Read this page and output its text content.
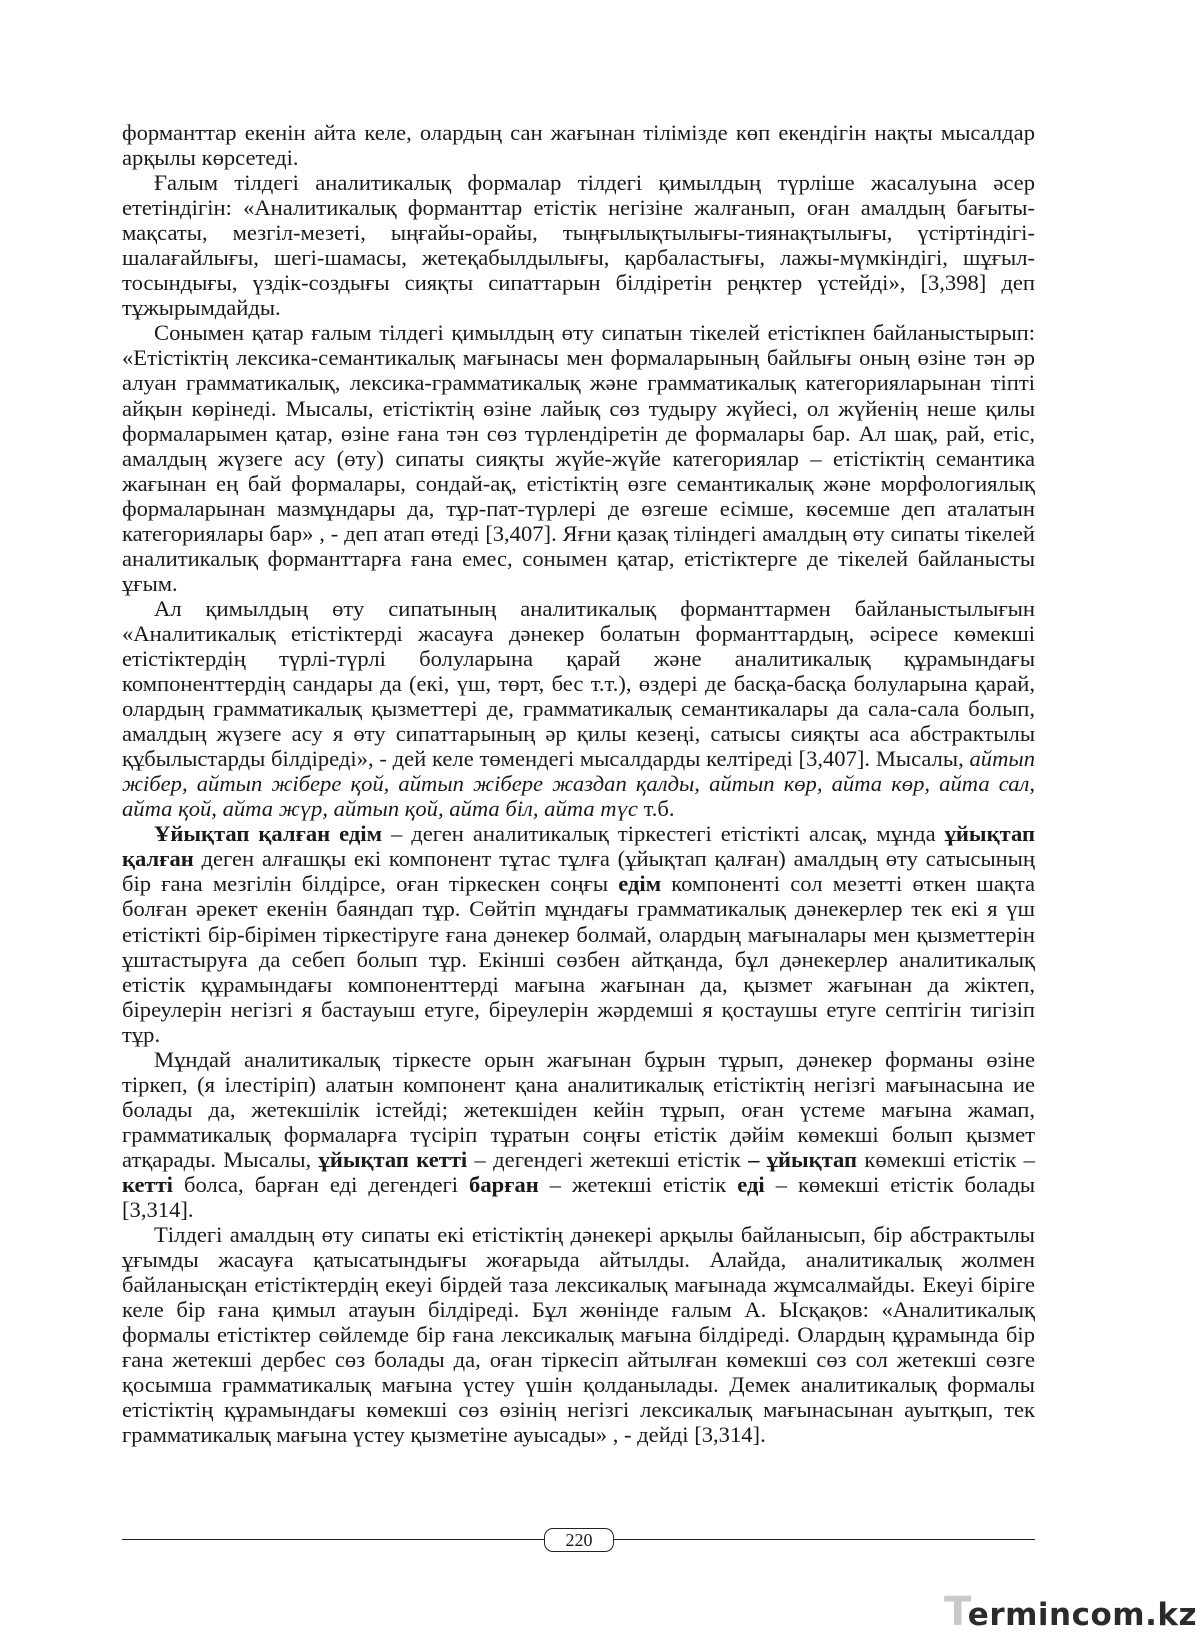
форманттар екенін айта келе, олардың сан жағынан тілімізде көп екендігін нақты мысалдар арқылы көрсетеді.

Ғалым тілдегі аналитикалық формалар тілдегі қимылдың түрліше жасалуына әсер ететіндігін: «Аналитикалық форманттар етістік негізіне жалғанып, оған амалдың бағыты-мақсаты, мезгіл-мезеті, ыңғайы-орайы, тыңғылықтылығы-тиянақтылығы, үстіртіндігі-шалағайлығы, шегі-шамасы, жетеқабылдылығы, қарбаластығы, лажы-мүмкіндігі, шұғыл-тосындығы, үздік-создығы сияқты сипаттарын білдіретін реңктер үстейді», [3,398] деп тұжырымдайды.

Сонымен қатар ғалым тілдегі қимылдың өту сипатын тікелей етістікпен байланыстырып: «Етістіктің лексика-семантикалық мағынасы мен формаларының байлығы оның өзіне тән әр алуан грамматикалық, лексика-грамматикалық және грамматикалық категорияларынан тіпті айқын көрінеді. Мысалы, етістіктің өзіне лайық сөз тудыру жүйесі, ол жүйенің неше қилы формаларымен қатар, өзіне ғана тән сөз түрлендіретін де формалары бар. Ал шақ, рай, етіс, амалдың жүзеге асу (өту) сипаты сияқты жүйе-жүйе категориялар – етістіктің семантика жағынан ең бай формалары, сондай-ақ, етістіктің өзге семантикалық және морфологиялық формаларынан мазмұндары да, тұр-пат-түрлері де өзгеше есімше, көсемше деп аталатын категориялары бар» , - деп атап өтеді [3,407]. Яғни қазақ тіліндегі амалдың өту сипаты тікелей аналитикалық форманттарға ғана емес, сонымен қатар, етістіктерге де тікелей байланысты ұғым.

Ал қимылдың өту сипатының аналитикалық форманттармен байланыстылығын «Аналитикалық етістіктерді жасауға дәнекер болатын форманттардың, әсіресе көмекші етістіктердің түрлі-түрлі болуларына қарай және аналитикалық құрамындағы компоненттердің сандары да (екі, үш, төрт, бес т.т.), өздері де басқа-басқа болуларына қарай, олардың грамматикалық қызметтері де, грамматикалық семантикалары да сала-сала болып, амалдың жүзеге асу я өту сипаттарының әр қилы кезеңі, сатысы сияқты аса абстрактылы құбылыстарды білдіреді», - дей келе төмендегі мысалдарды келтіреді [3,407]. Мысалы, айтып жібер, айтып жібере қой, айтып жібере жаздап қалды, айтып көр, айта көр, айта сал, айта қой, айта жүр, айтып қой, айта біл, айта түс т.б.

Ұйықтап қалған едім – деген аналитикалық тіркестегі етістікті алсақ, мұнда ұйықтап қалған деген алғашқы екі компонент тұтас тұлға (ұйықтап қалған) амалдың өту сатысының бір ғана мезгілін білдірсе, оған тіркескен соңғы едім компоненті сол мезетті өткен шақта болған әрекет екенін баяндап тұр. Сөйтіп мұндағы грамматикалық дәнекерлер тек екі я үш етістікті бір-бірімен тіркестіруге ғана дәнекер болмай, олардың мағыналары мен қызметтерін ұштастыруға да себеп болып тұр. Екінші сөзбен айтқанда, бұл дәнекерлер аналитикалық етістік құрамындағы компоненттерді мағына жағынан да, қызмет жағынан да жіктеп, біреулерін негізгі я бастауыш етуге, біреулерін жәрдемші я қостаушы етуге септігін тигізіп тұр.

Мұндай аналитикалық тіркесте орын жағынан бұрын тұрып, дәнекер форманы өзіне тіркеп, (я ілестіріп) алатын компонент қана аналитикалық етістіктің негізгі мағынасына ие болады да, жетекшілік істейді; жетекшіден кейін тұрып, оған үстеме мағына жамап, грамматикалық формаларға түсіріп тұратын соңғы етістік дәйім көмекші болып қызмет атқарады. Мысалы, ұйықтап кетті – дегендегі жетекші етістік – ұйықтап көмекші етістік – кетті болса, барған еді дегендегі барған – жетекші етістік еді – көмекші етістік болады [3,314].

Тілдегі амалдың өту сипаты екі етістіктің дәнекері арқылы байланысып, бір абстрактылы ұғымды жасауға қатысатындығы жоғарыда айтылды. Алайда, аналитикалық жолмен байланысқан етістіктердің екеуі бірдей таза лексикалық мағынада жұмсалмайды. Екеуі біріге келе бір ғана қимыл атауын білдіреді. Бұл жөнінде ғалым А. Ысқақов: «Аналитикалық формалы етістіктер сөйлемде бір ғана лексикалық мағына білдіреді. Олардың құрамында бір ғана жетекші дербес сөз болады да, оған тіркесіп айтылған көмекші сөз сол жетекші сөзге қосымша грамматикалық мағына үстеу үшін қолданылады. Демек аналитикалық формалы етістіктің құрамындағы көмекші сөз өзінің негізгі лексикалық мағынасынан ауытқып, тек грамматикалық мағына үстеу қызметіне ауысады» , - дейді [3,314].

220
Termincom.kz
